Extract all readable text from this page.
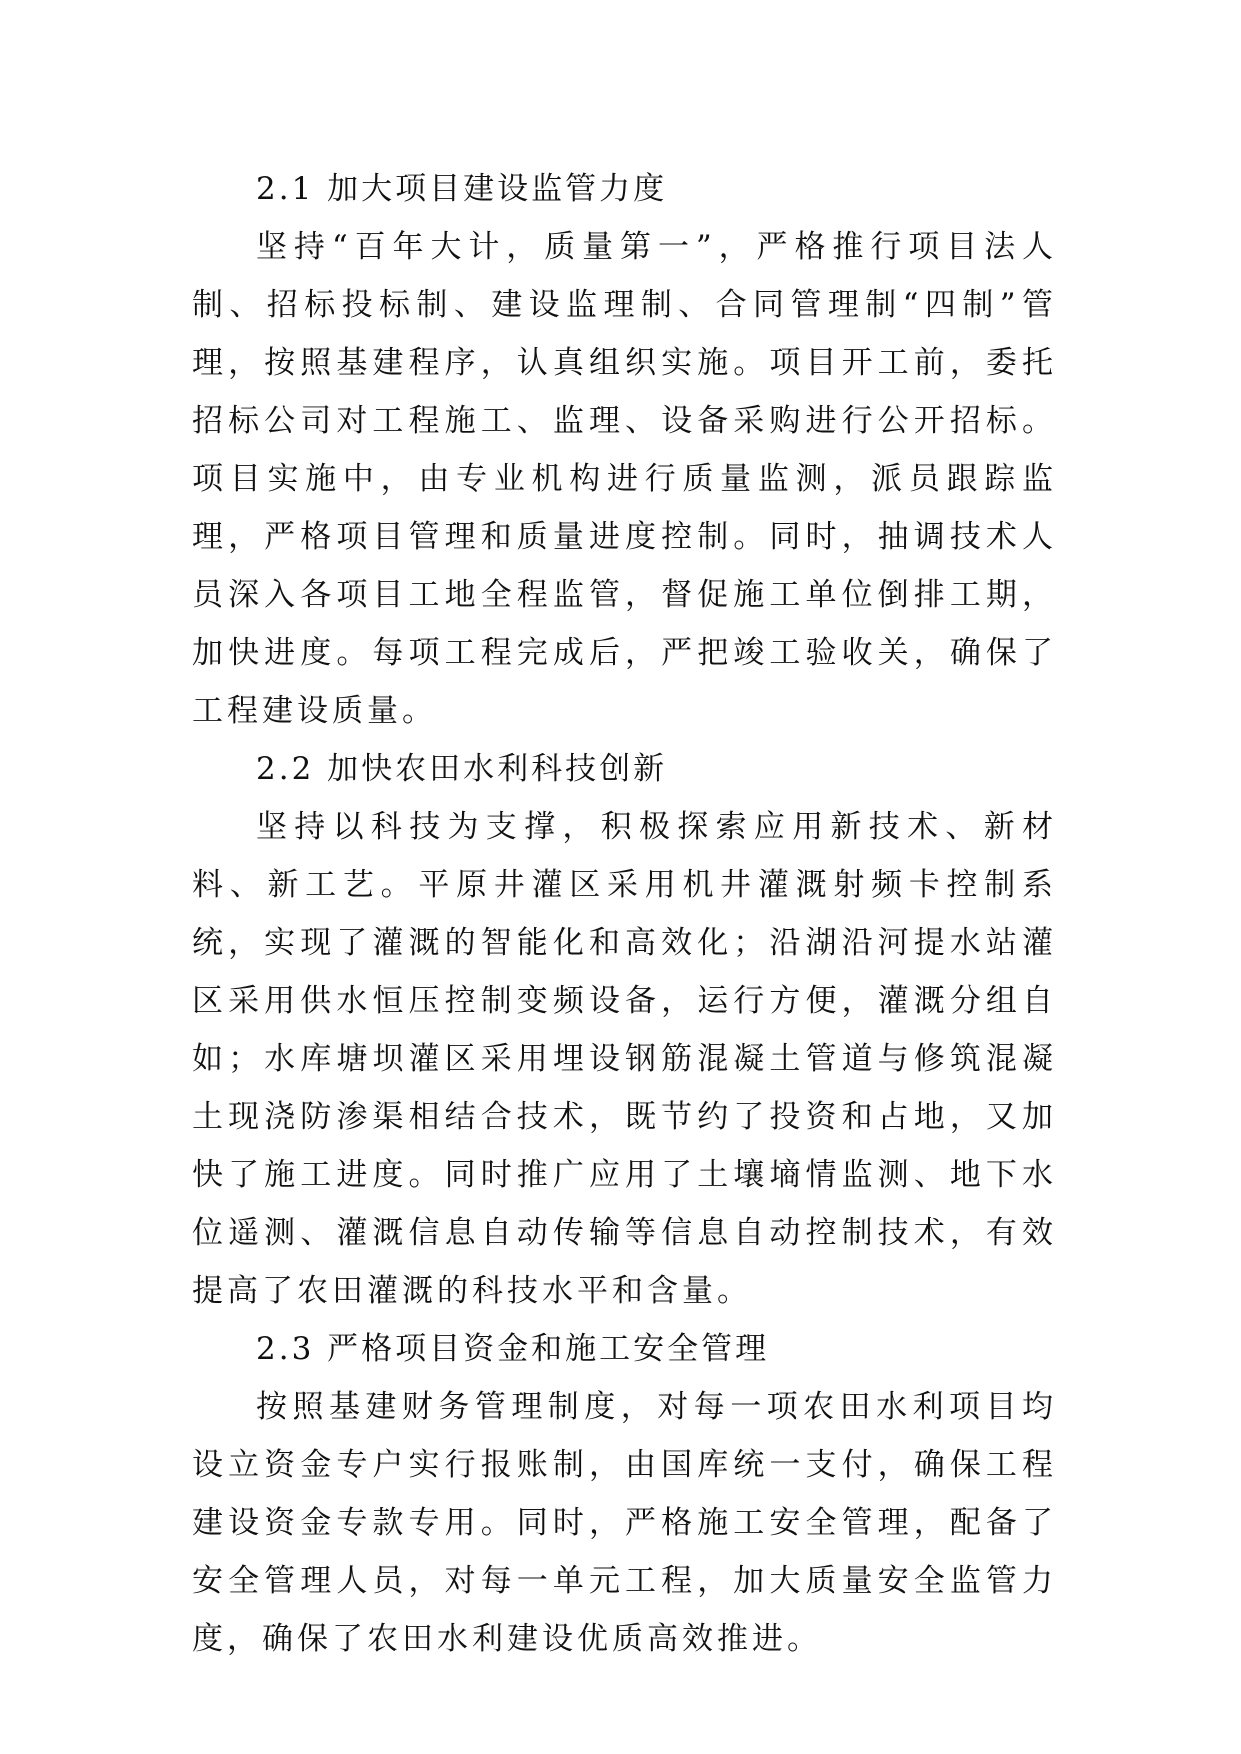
2.1 加大项目建设监管力度

坚持“百年大计，质量第一”，严格推行项目法人制、招标投标制、建设监理制、合同管理制“四制”管理，按照基建程序，认真组织实施。项目开工前，委托招标公司对工程施工、监理、设备采购进行公开招标。项目实施中，由专业机构进行质量监测，派员跟踪监理，严格项目管理和质量进度控制。同时，抽调技术人员深入各项目工地全程监管，督促施工单位倒排工期，加快进度。每项工程完成后，严把竣工验收关，确保了工程建设质量。

2.2 加快农田水利科技创新

坚持以科技为支撑，积极探索应用新技术、新材料、新工艺。平原井灌区采用机井灌溉射频卡控制系统，实现了灌溉的智能化和高效化；沿湖沿河提水站灌区采用供水恒压控制变频设备，运行方便，灌溉分组自如；水库塘坝灌区采用埋设钢筋混凝土管道与修筑混凝土现浇防渗渠相结合技术，既节约了投资和占地，又加快了施工进度。同时推广应用了土壤墒情监测、地下水位遥测、灌溉信息自动传输等信息自动控制技术，有效提高了农田灌溉的科技水平和含量。

2.3 严格项目资金和施工安全管理

按照基建财务管理制度，对每一项农田水利项目均设立资金专户实行报账制，由国库统一支付，确保工程建设资金专款专用。同时，严格施工安全管理，配备了安全管理人员，对每一单元工程，加大质量安全监管力度，确保了农田水利建设优质高效推进。
